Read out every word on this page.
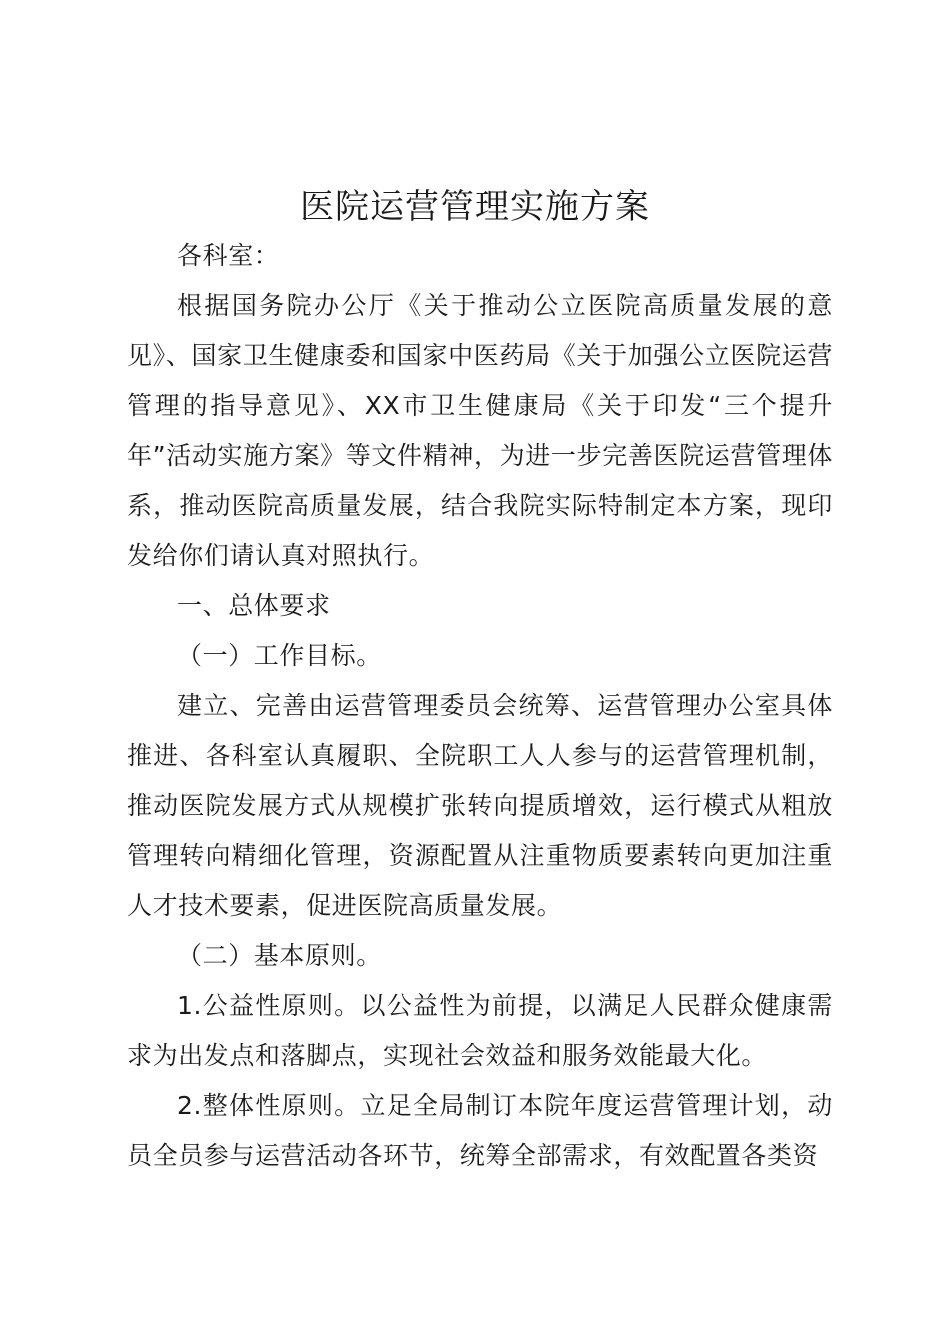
医院运营管理实施方案

各科室：

根据国务院办公厅《关于推动公立医院高质量发展的意见》、国家卫生健康委和国家中医药局《关于加强公立医院运营管理的指导意见》、XX市卫生健康局《关于印发“三个提升年”活动实施方案》等文件精神，为进一步完善医院运营管理体系，推动医院高质量发展，结合我院实际特制定本方案，现印发给你们请认真对照执行。

一、总体要求

（一）工作目标。

建立、完善由运营管理委员会统筹、运营管理办公室具体推进、各科室认真履职、全院职工人人参与的运营管理机制，推动医院发展方式从规模扩张转向提质增效，运行模式从粗放管理转向精细化管理，资源配置从注重物质要素转向更加注重人才技术要素，促进医院高质量发展。

（二）基本原则。

1.公益性原则。以公益性为前提，以满足人民群众健康需求为出发点和落脚点，实现社会效益和服务效能最大化。

2.整体性原则。立足全局制订本院年度运营管理计划，动员全员参与运营活动各环节，统筹全部需求，有效配置各类资
